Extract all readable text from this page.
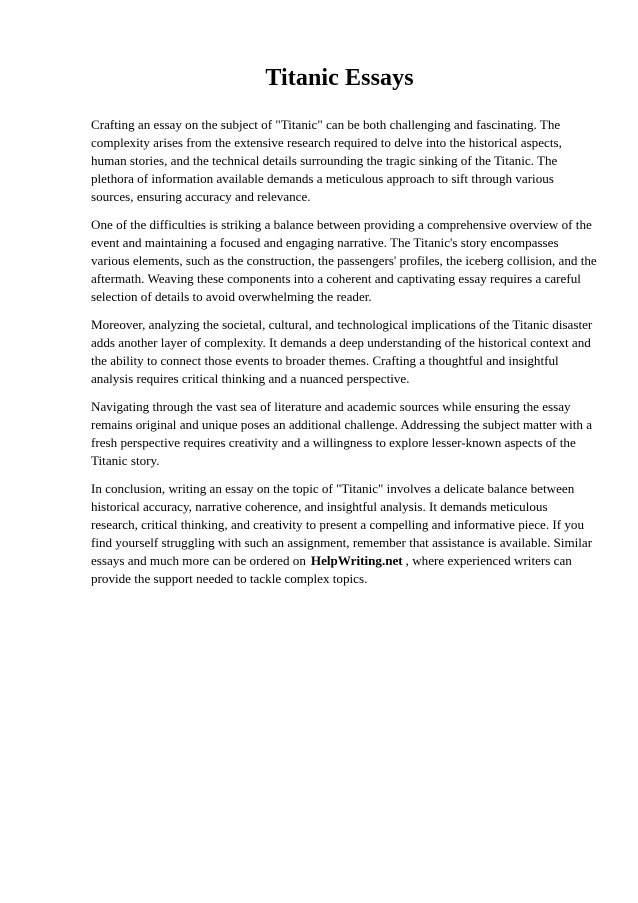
Titanic Essays

Crafting an essay on the subject of "Titanic" can be both challenging and fascinating. The complexity arises from the extensive research required to delve into the historical aspects, human stories, and the technical details surrounding the tragic sinking of the Titanic. The plethora of information available demands a meticulous approach to sift through various sources, ensuring accuracy and relevance.

One of the difficulties is striking a balance between providing a comprehensive overview of the event and maintaining a focused and engaging narrative. The Titanic's story encompasses various elements, such as the construction, the passengers' profiles, the iceberg collision, and the aftermath. Weaving these components into a coherent and captivating essay requires a careful selection of details to avoid overwhelming the reader.

Moreover, analyzing the societal, cultural, and technological implications of the Titanic disaster adds another layer of complexity. It demands a deep understanding of the historical context and the ability to connect those events to broader themes. Crafting a thoughtful and insightful analysis requires critical thinking and a nuanced perspective.

Navigating through the vast sea of literature and academic sources while ensuring the essay remains original and unique poses an additional challenge. Addressing the subject matter with a fresh perspective requires creativity and a willingness to explore lesser-known aspects of the Titanic story.

In conclusion, writing an essay on the topic of "Titanic" involves a delicate balance between historical accuracy, narrative coherence, and insightful analysis. It demands meticulous research, critical thinking, and creativity to present a compelling and informative piece. If you find yourself struggling with such an assignment, remember that assistance is available. Similar essays and much more can be ordered on HelpWriting.net , where experienced writers can provide the support needed to tackle complex topics.
